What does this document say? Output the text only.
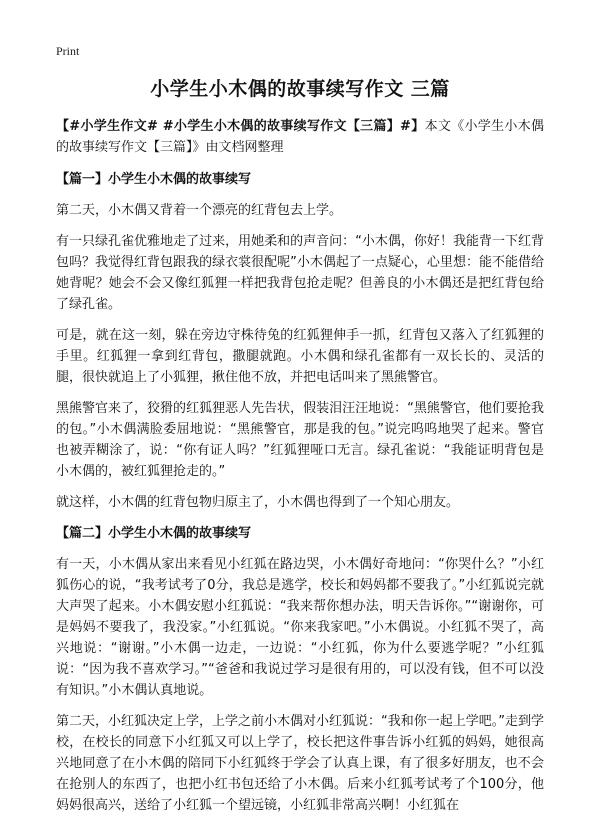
Print
小学生小木偶的故事续写作文 三篇

【#小学生作文# #小学生小木偶的故事续写作文【三篇】#】本文《小学生小木偶的故事续写作文【三篇】》由文档网整理

【篇一】小学生小木偶的故事续写

第二天，小木偶又背着一个漂亮的红背包去上学。

有一只绿孔雀优雅地走了过来，用她柔和的声音问：“小木偶，你好！我能背一下红背包吗？我觉得红背包跟我的绿衣裳很配呢”小木偶起了一点疑心，心里想：能不能借给她背呢？她会不会又像红狐狸一样把我背包抢走呢？但善良的小木偶还是把红背包给了绿孔雀。

可是，就在这一刻，躲在旁边守株待兔的红狐狸伸手一抓，红背包又落入了红狐狸的手里。红狐狸一拿到红背包，撒腿就跑。小木偶和绿孔雀都有一双长长的、灵活的腿，很快就追上了小狐狸，揪住他不放，并把电话叫来了黑熊警官。

黑熊警官来了，狡猾的红狐狸恶人先告状，假装泪汪汪地说：“黑熊警官，他们要抢我的包。”小木偶满脸委屈地说：“黑熊警官，那是我的包。”说完呜呜地哭了起来。警官也被弄糊涂了，说：“你有证人吗？”红狐狸哑口无言。绿孔雀说：“我能证明背包是小木偶的，被红狐狸抢走的。”

就这样，小木偶的红背包物归原主了，小木偶也得到了一个知心朋友。

【篇二】小学生小木偶的故事续写

有一天，小木偶从家出来看见小红狐在路边哭，小木偶好奇地问：“你哭什么？”小红狐伤心的说，“我考试考了0分，我总是逃学，校长和妈妈都不要我了。”小红狐说完就大声哭了起来。小木偶安慰小红狐说：“我来帮你想办法，明天告诉你。”“谢谢你，可是妈妈不要我了，我没家。”小红狐说。“你来我家吧。”小木偶说。小红狐不哭了，高兴地说：“谢谢。”小木偶一边走，一边说：“小红狐，你为什么要逃学呢？”小红狐说：“因为我不喜欢学习。”“爸爸和我说过学习是很有用的，可以没有钱，但不可以没有知识。”小木偶认真地说。

第二天，小红狐决定上学，上学之前小木偶对小红狐说：“我和你一起上学吧。”走到学校，在校长的同意下小红狐又可以上学了，校长把这件事告诉小红狐的妈妈，她很高兴地同意了在小木偶的陪同下小红狐终于学会了认真上课，有了很多好朋友，也不会在抢别人的东西了，也把小红书包还给了小木偶。后来小红狐考试考了个100分，他妈妈很高兴，送给了小红狐一个望远镜，小红狐非常高兴啊！小红狐在
